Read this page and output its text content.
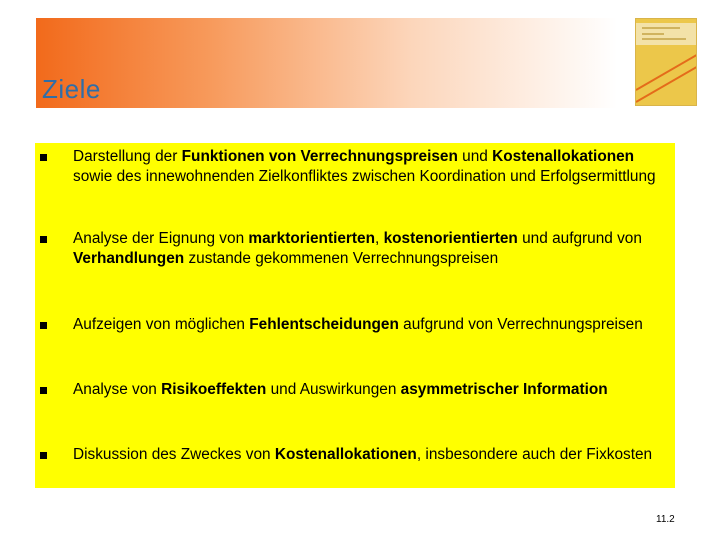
Ziele
Darstellung der Funktionen von Verrechnungspreisen und Kostenallokationen sowie des innewohnenden Zielkonfliktes zwischen Koordination und Erfolgsermittlung
Analyse der Eignung von marktorientierten, kostenorientierten und aufgrund von Verhandlungen zustande gekommenen Verrechnungspreisen
Aufzeigen von möglichen Fehlentscheidungen aufgrund von Verrechnungspreisen
Analyse von Risikoeffekten und Auswirkungen asymmetrischer Information
Diskussion des Zweckes von Kostenallokationen, insbesondere auch der Fixkosten
11.2
